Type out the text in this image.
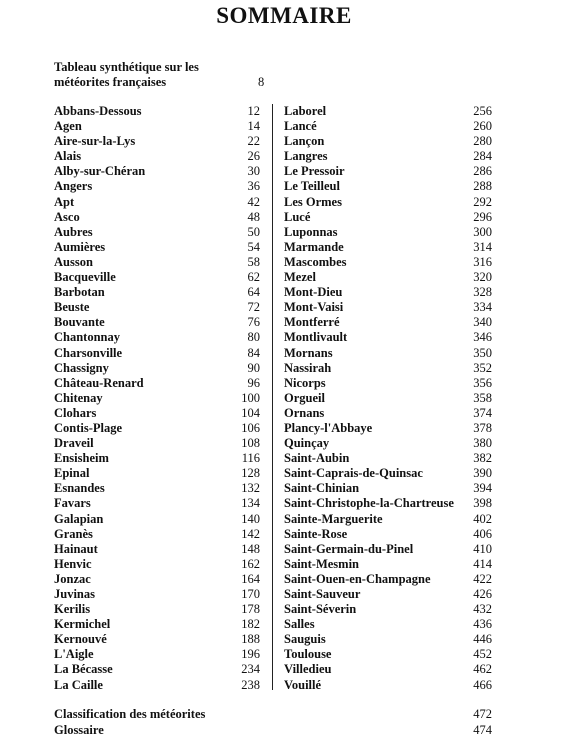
SOMMAIRE
Tableau synthétique sur les
météorites françaises	8
Abbans-Dessous	12
Agen	14
Aire-sur-la-Lys	22
Alais	26
Alby-sur-Chéran	30
Angers	36
Apt	42
Asco	48
Aubres	50
Aumières	54
Ausson	58
Bacqueville	62
Barbotan	64
Beuste	72
Bouvante	76
Chantonnay	80
Charsonville	84
Chassigny	90
Château-Renard	96
Chitenay	100
Clohars	104
Contis-Plage	106
Draveil	108
Ensisheim	116
Epinal	128
Esnandes	132
Favars	134
Galapian	140
Granès	142
Hainaut	148
Henvic	162
Jonzac	164
Juvinas	170
Kerilis	178
Kermichel	182
Kernouvé	188
L'Aigle	196
La Bécasse	234
La Caille	238
Laborel	256
Lancé	260
Lançon	280
Langres	284
Le Pressoir	286
Le Teilleul	288
Les Ormes	292
Lucé	296
Luponnas	300
Marmande	314
Mascombes	316
Mezel	320
Mont-Dieu	328
Mont-Vaisi	334
Montferré	340
Montlivault	346
Mornans	350
Nassirah	352
Nicorps	356
Orgueil	358
Ornans	374
Plancy-l'Abbaye	378
Quinçay	380
Saint-Aubin	382
Saint-Caprais-de-Quinsac	390
Saint-Chinian	394
Saint-Christophe-la-Chartreuse 398
Sainte-Marguerite	402
Sainte-Rose	406
Saint-Germain-du-Pinel	410
Saint-Mesmin	414
Saint-Ouen-en-Champagne	422
Saint-Sauveur	426
Saint-Séverin	432
Salles	436
Sauguis	446
Toulouse	452
Villedieu	462
Vouillé	466
Classification des météorites	472
Glossaire	474
